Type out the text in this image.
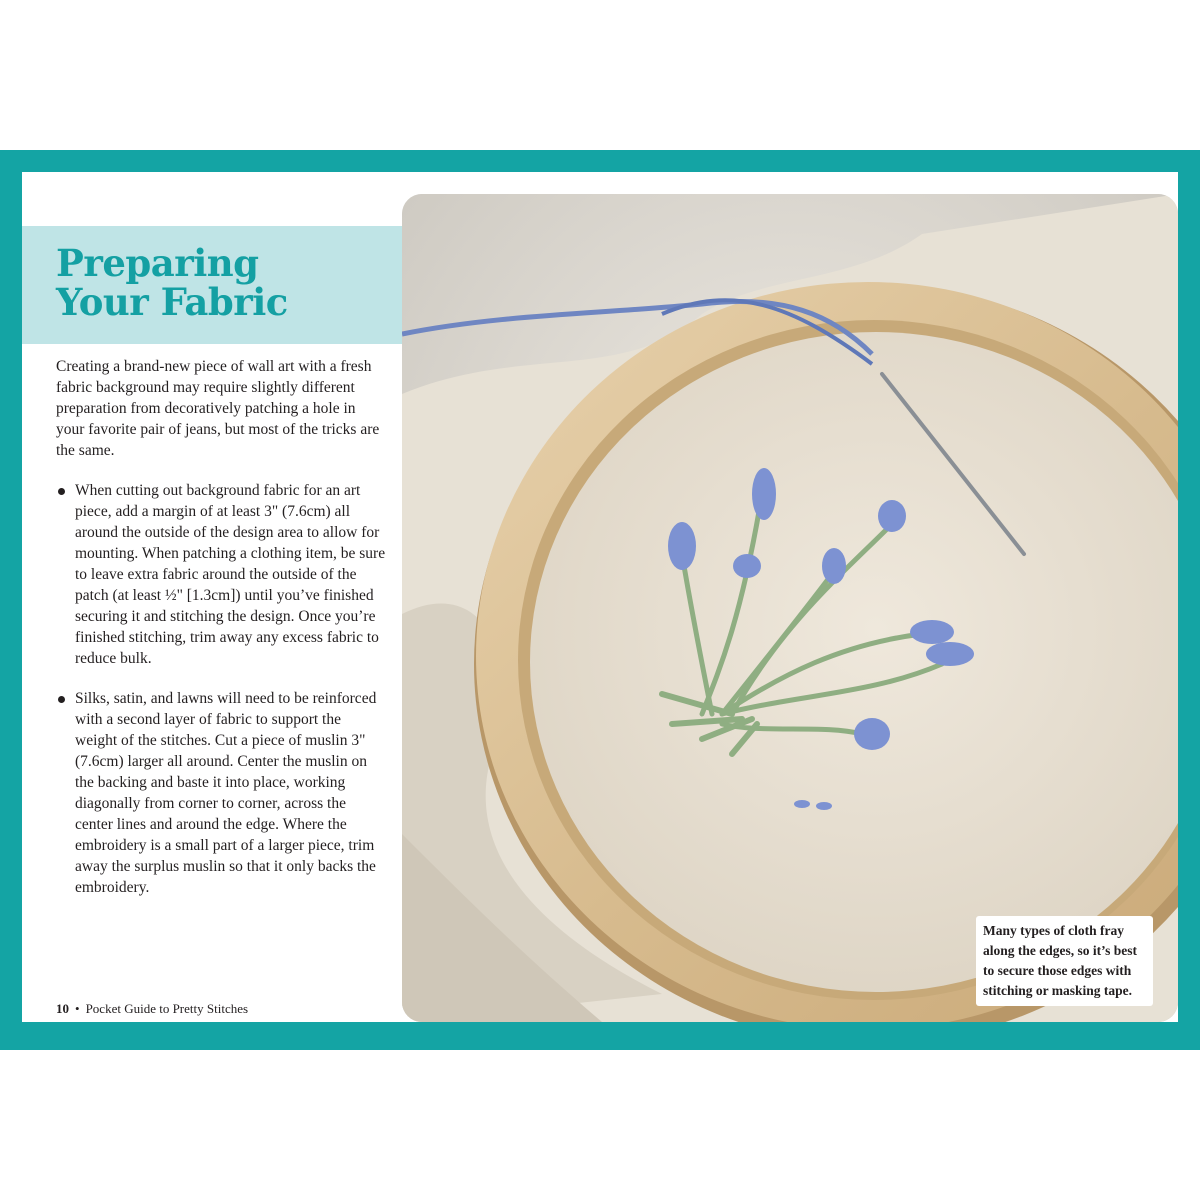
Preparing
Your Fabric

Creating a brand-new piece of wall art with a fresh fabric background may require slightly different preparation from decoratively patching a hole in your favorite pair of jeans, but most of the tricks are the same.

When cutting out background fabric for an art piece, add a margin of at least 3" (7.6cm) all around the outside of the design area to allow for mounting. When patching a clothing item, be sure to leave extra fabric around the outside of the patch (at least ½" [1.3cm]) until you’ve finished securing it and stitching the design. Once you’re finished stitching, trim away any excess fabric to reduce bulk.
Silks, satin, and lawns will need to be reinforced with a second layer of fabric to support the weight of the stitches. Cut a piece of muslin 3" (7.6cm) larger all around. Center the muslin on the backing and baste it into place, working diagonally from corner to corner, across the center lines and around the edge. Where the embroidery is a small part of a larger piece, trim away the surplus muslin so that it only backs the embroidery.
10 • Pocket Guide to Pretty Stitches
Many types of cloth fray along the edges, so it’s best to secure those edges with stitching or masking tape.
